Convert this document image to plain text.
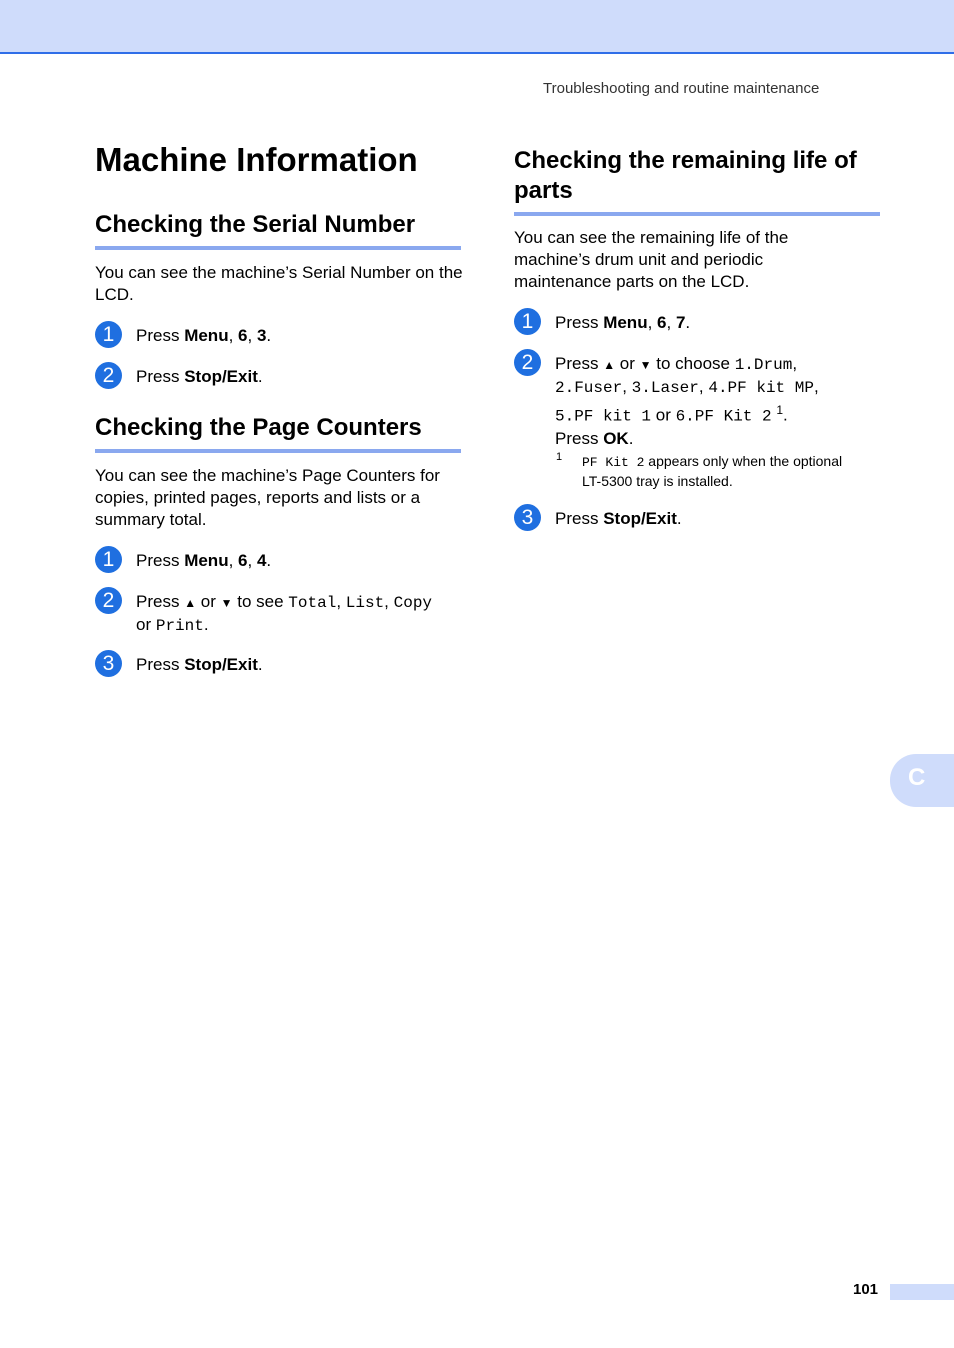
Troubleshooting and routine maintenance
Machine Information
Checking the Serial Number
You can see the machine’s Serial Number on the LCD.
1	Press Menu, 6, 3.
2	Press Stop/Exit.
Checking the Page Counters
You can see the machine’s Page Counters for copies, printed pages, reports and lists or a summary total.
1	Press Menu, 6, 4.
2	Press ▲ or ▼ to see Total, List, Copy
or Print.
3	Press Stop/Exit.
Checking the remaining life of parts
You can see the remaining life of the machine’s drum unit and periodic maintenance parts on the LCD.
1	Press Menu, 6, 7.
2	Press ▲ or ▼ to choose 1.Drum,
2.Fuser, 3.Laser, 4.PF kit MP,
5.PF kit 1 or 6.PF Kit 2 $^1$.
Press OK.
1 PF Kit 2 appears only when the optional
LT-5300 tray is installed.
3	Press Stop/Exit.
C
101
